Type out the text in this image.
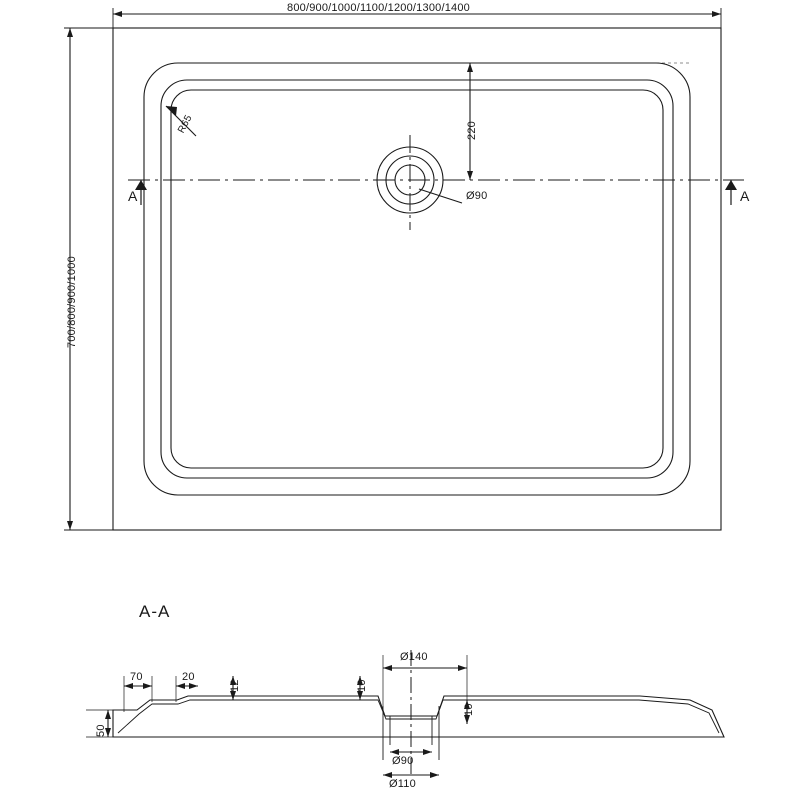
800/900/1000/1100/1200/1300/1400
700/800/900/1000
R65	220
Ø90
A	A
A-A
70	20
12	10
10
50
Ø140
Ø90
Ø110
